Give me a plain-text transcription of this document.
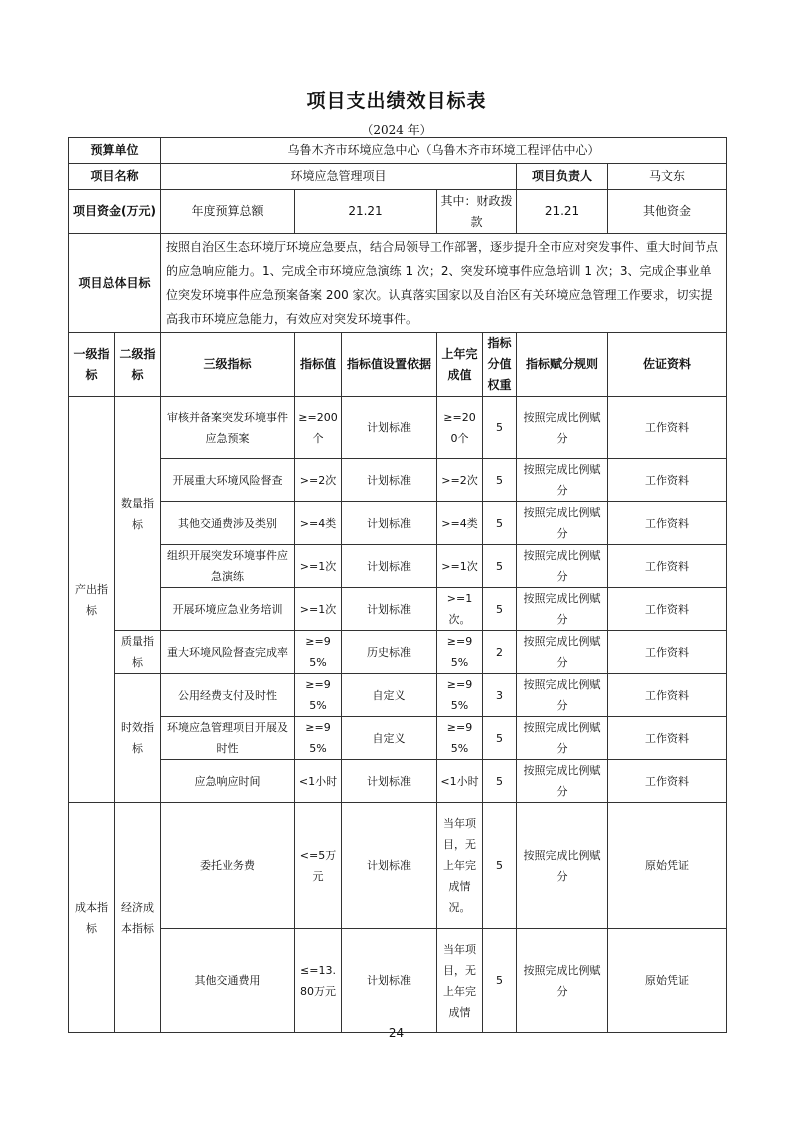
项目支出绩效目标表
（2024 年）
预算单位		乌鲁木齐市环境应急中心（乌鲁木齐市环境工程评估中心）						
项目名称		环境应急管理项目					项目负责人	马文东
项目资金(万元)		年度预算总额	21.21		其中：财政拨款		21.21	其他资金
项目总体目标		按照自治区生态环境厅环境应急要点，结合局领导工作部署，逐步提升全市应对突发事件、重大时间节点的应急响应能力。1、完成全市环境应急演练 1 次；2、突发环境事件应急培训 1 次；3、完成企事业单位突发环境事件应急预案备案 200 家次。认真落实国家以及自治区有关环境应急管理工作要求，切实提高我市环境应急能力，有效应对突发环境事件。						
一级指标	二级指标	三级指标	指标值	指标值设置依据	上年完成值	指标分值权重	指标赋分规则	佐证资料
产出指标	数量指标	审核并备案突发环境事件应急预案	≥=200个	计划标准	≥=200个	5	按照完成比例赋分	工作资料
		开展重大环境风险督查	>=2次	计划标准	>=2次	5	按照完成比例赋分	工作资料
		其他交通费涉及类别	>=4类	计划标准	>=4类	5	按照完成比例赋分	工作资料
		组织开展突发环境事件应急演练	>=1次	计划标准	>=1次	5	按照完成比例赋分	工作资料
		开展环境应急业务培训	>=1次	计划标准	>=1次。	5	按照完成比例赋分	工作资料
	质量指标	重大环境风险督查完成率	≥=95%	历史标准	≥=95%	2	按照完成比例赋分	工作资料
	时效指标	公用经费支付及时性	≥=95%	自定义	≥=95%	3	按照完成比例赋分	工作资料
		环境应急管理项目开展及时性	≥=95%	自定义	≥=95%	5	按照完成比例赋分	工作资料
		应急响应时间	<1小时	计划标准	<1小时	5	按照完成比例赋分	工作资料
成本指标	经济成本指标	委托业务费	<=5万元	计划标准	当年项目，无上年完成情况。	5	按照完成比例赋分	原始凭证
		其他交通费用	≤=13.80万元	计划标准	当年项目，无上年完成情	5	按照完成比例赋分	原始凭证
24
